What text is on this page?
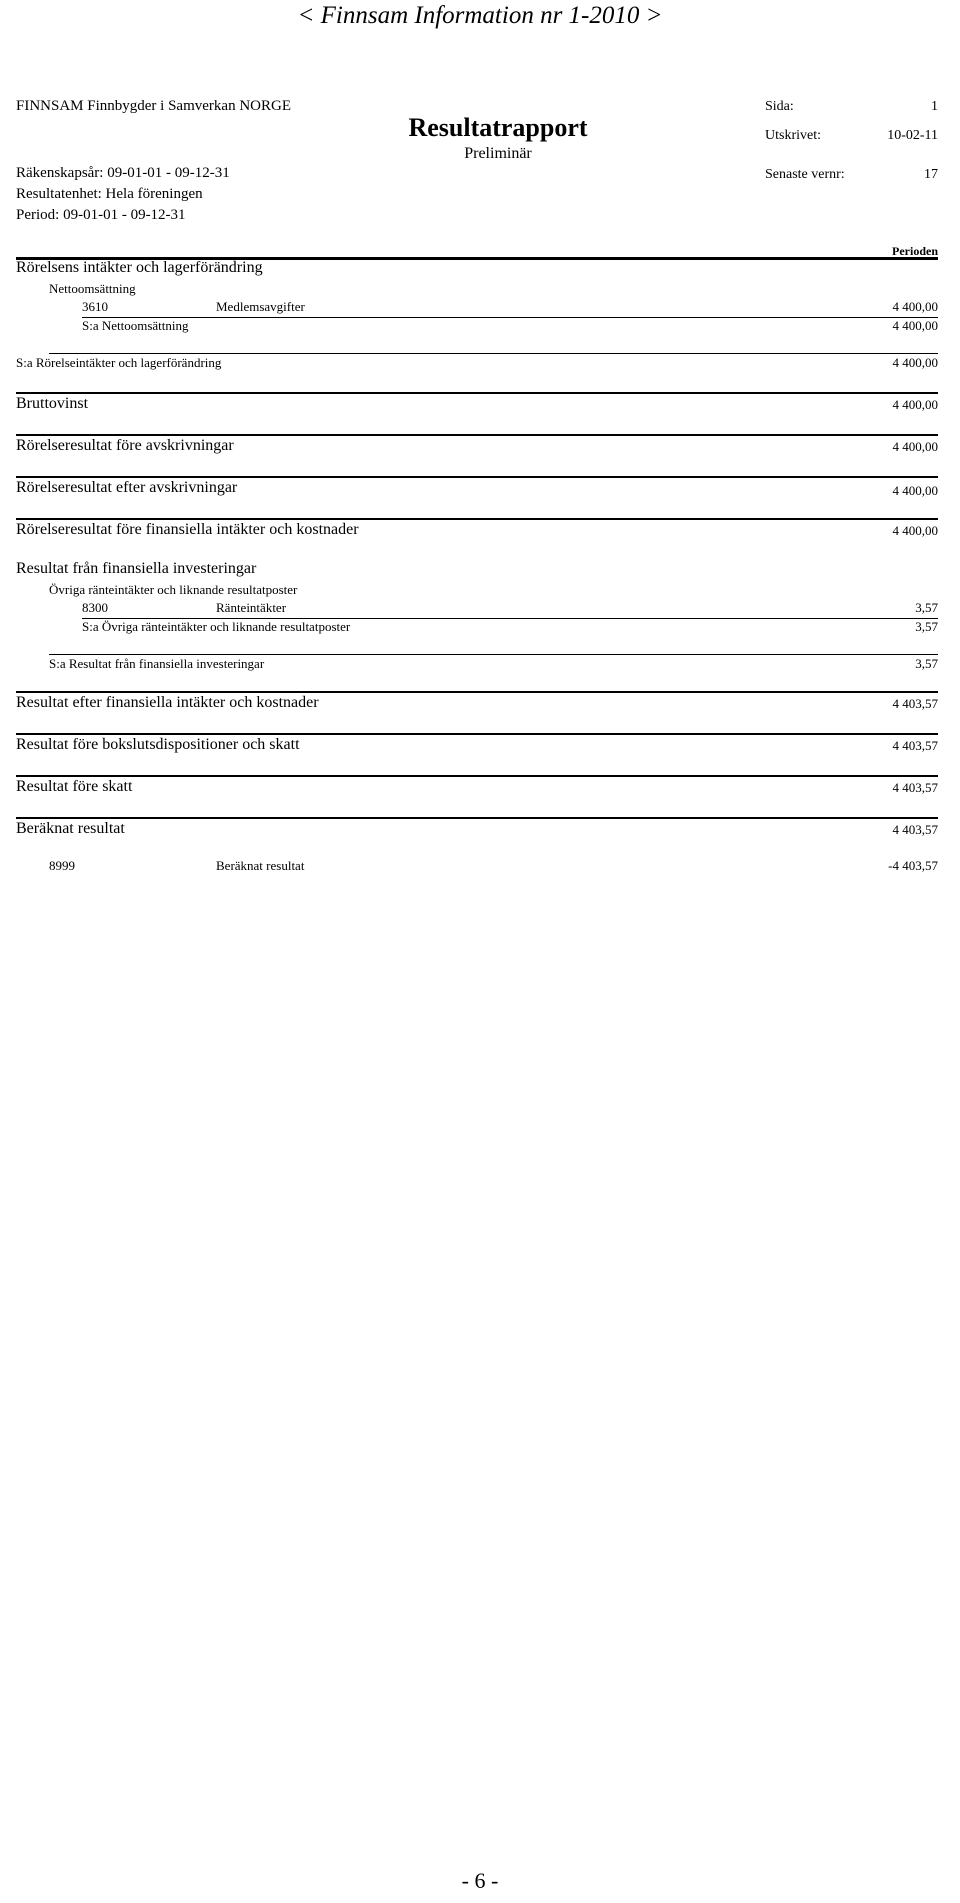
< Finnsam Information nr 1-2010 >
FINNSAM Finnbygder i Samverkan NORGE
Resultatrapport
Preliminär
Räkenskapsår: 09-01-01 - 09-12-31
Resultatenhet: Hela föreningen
Period: 09-01-01 - 09-12-31
Sida:	1
Utskrivet:	10-02-11
Senaste vernr:	17
Perioden
Rörelsens intäkter och lagerförändring
Nettoomsättning
3610	Medlemsavgifter	4 400,00
S:a Nettoomsättning	4 400,00
S:a Rörelseintäkter och lagerförändring	4 400,00
Bruttovinst	4 400,00
Rörelseresultat före avskrivningar	4 400,00
Rörelseresultat efter avskrivningar	4 400,00
Rörelseresultat före finansiella intäkter och kostnader	4 400,00
Resultat från finansiella investeringar
Övriga ränteintäkter och liknande resultatposter
8300	Ränteintäkter	3,57
S:a Övriga ränteintäkter och liknande resultatposter	3,57
S:a Resultat från finansiella investeringar	3,57
Resultat efter finansiella intäkter och kostnader	4 403,57
Resultat före bokslutsdispositioner och skatt	4 403,57
Resultat före skatt	4 403,57
Beräknat resultat	4 403,57
8999	Beräknat resultat	-4 403,57
- 6 -
